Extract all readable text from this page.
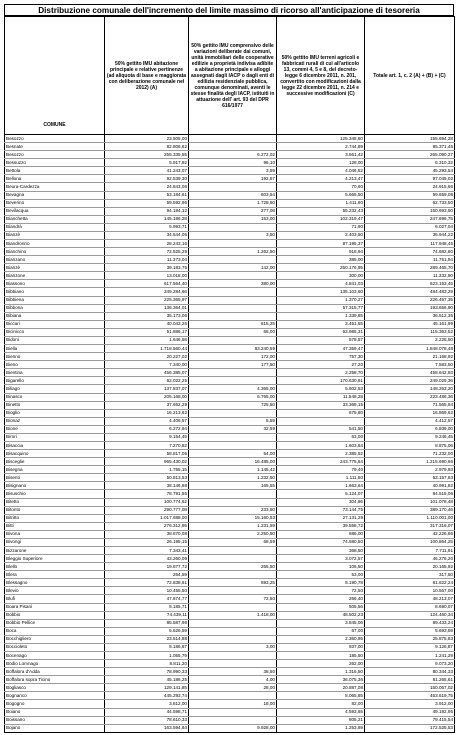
Distribuzione comunale dell'incremento del limite massimo di ricorso all'anticipazione di tesoreria
COMUNE	50% gettito IMU abitazione principale e relative pertinenze (ad aliquota di base e maggiorata con deliberazione comunale nel 2012) (A)	50% gettito IMU comprensivo delle variazioni deliberate dai comuni, unità immobiliari delle cooperative edilizie a proprietà indivisa adibite a abitazione principale e alloggi assegnati dagli IACP o dagli enti di edilizia residenziale pubblica, comunque denominati, aventi le stesse finalità degli IACP, istituiti in attuazione dell' art. 93 del DPR 616/1977	50% gettito IMU terreni agricoli e fabbricati rurali di cui all'articolo 13, commi 4, 5 e 8, del decreto-legge 6 dicembre 2011, n. 201, convertito con modificazioni dalla legge 22 dicembre 2011, n. 214 e successive modificazioni (C)	Totale art. 1, c. 2 (A) + (B) + (C)
Besozzo	23.505,00		125.345,60	155.694,28
Besnate	82.806,62		2.744,89	85.371,45
Besozzo	255.335,55	6.272,02	3.561,42	265.090,27
Bessuzzo	5.917,92	96,10	128,00	6.310,32
Bettola	41.243,07	3,59	4.046,52	45.293,54
Bellona	92.539,30	192,57	4.213,47	97.045,02
Beura-Cardezza	24.843,06		70,60	24.915,66
Bevagna	53.184,61	603,54	5.665,50	59.659,08
Beverino	59.592,96	1.728,50	1.411,60	62.733,50
Bevilacqua	94.184,12	277,08	55.232,43	150.693,50
Bianchetta	145.186,28	153,00	102.319,47	247.696,75
Biandrà	5.993,71		71,90	6.027,04
Bianzè	34.544,05	3,50	2.403,50	36.944,22
Biandronno	28.243,16		87.195,37	117.948,45
Bianchino	72.525,29	1.262,50	918,94	74.682,80
Bianzano	11.373,04		385,00	11.751,94
Bianzè	39.183,75	142,00	250.176,95	289.465,70
Bianzone	13.018,00		300,00	11.332,90
Biassono	617.564,40	380,00	4.841,03	623.153,45
Bibbiano	349.284,66		135.103,60	484.483,29
Bibbiena	225.365,97		1.370,27	226.457,35
Bibbona	136.364,01		57.315,77	193.656,90
Bibiana	35.173,06		1.339,85	36.512,35
Biccari	40.043,26	615,25	3.451,55	45.161,99
Bicinicco	51.886,17	68,00	63.985,31	115.363,52
Bidoni	1.646,58		578,57	2.225,50
Biella	1.718.560,44	83.240,59	47.359,47	1.848.078,48
Bienno	20.227,02	172,00	757,30	21.168,92
Bieno	7.340,00	177,50	27,20	7.583,50
Bientina	456.385,07		2.258,70	458.642,93
Bigarello	62.022,25		170.630,61	249.025,36
Biliago	137.837,07	4.365,00	5.602,53	148.263,20
Binasco	205.168,00	6.765,00	11.548,28	223.486,36
Binetto	37.652,29	725,50	33.368,15	71.565,94
Bioglio	16.213,62		675,80	16.869,62
Bionaz	4.406,57	5,59		4.412,57
Bione	6.272,94	32,59	541,50	6.939,00
Birori	9.154,45		63,00	9.246,45
Bisaccia	7.270,82		1.603,84	8.875,06
Bisacquino	58.817,06	54,00	2.385,52	71.232,00
Bisceglie	965.430,02	16.485,00	243.775,64	1.215.690,66
Bisegna	1.755,15	1.145,42	79,40	2.979,93
Bisenti	50.813,53	1.232,50	1.111,50	53.157,63
Bisignano	38.146,68	165,55	1.663,64	40.991,82
Bisuschio	78.791,55		5.124,07	84.515,06
Bitetto	100.774,62		304,86	101.078,48
Bitonto	290.777,08	233,50	73.144,75	389.170,46
Bitritto	1.017.688,00	15.160,53	27.131,29	1.110.001,00
Bitti	276.312,95	1.231,59	39.558,72	317.316,07
Bivona	38.670,08	2.250,50	686,00	42.226,86
Bivongi	26.195,15	68,59	74.580,50	100.864,25
Bizzarone	7.343,41		368,50	7.711,91
Bleggio Superiore	43.260,09		3.072,57	46.276,20
Blello	19.877,72	265,50	106,50	20.165,92
Blera	264,59		53,00	317,50
Blessagno	72.838,61	693,25	8.190,78	81.622,24
Blevio	10.455,50		72,50	10.557,00
Blufi	47.874,77	72,50	266,40	48.213,07
Boara Pisani	8.185,71		505,56	8.690,07
Bobbio	74.439,11	1.418,00	48.502,23	124.460,34
Bobbio Pellice	85.587,98		3.845,06	89.433,24
Boca	5.626,59		67,00	5.693,59
Bocchigliero	23.514,88		2.360,95	25.875,83
Boccioleto	8.186,87	3,00	937,00	9.126,87
Bocenago	1.055,79		185,50	1.241,29
Bodio Lomnago	8.811,20		262,00	9.073,20
Boffalora d'Adda	78.990,33	38,50	1.316,50	80.344,33
Boffalora sopra Ticino	45.186,25	4,00	36.075,36	81.265,61
Bogliasco	129.141,85	28,00	20.887,08	150.057,02
Bognanco	445.293,74		8.065,85	453.619,75
Bogogno	3.812,00	18,00	82,00	3.912,00
Boiano	44.598,71		4.593,65	49.192,95
Boissano	78.610,33		805,21	79.415,54
Bojano	163.594,84	9.928,00	1.253,69	172.525,53
